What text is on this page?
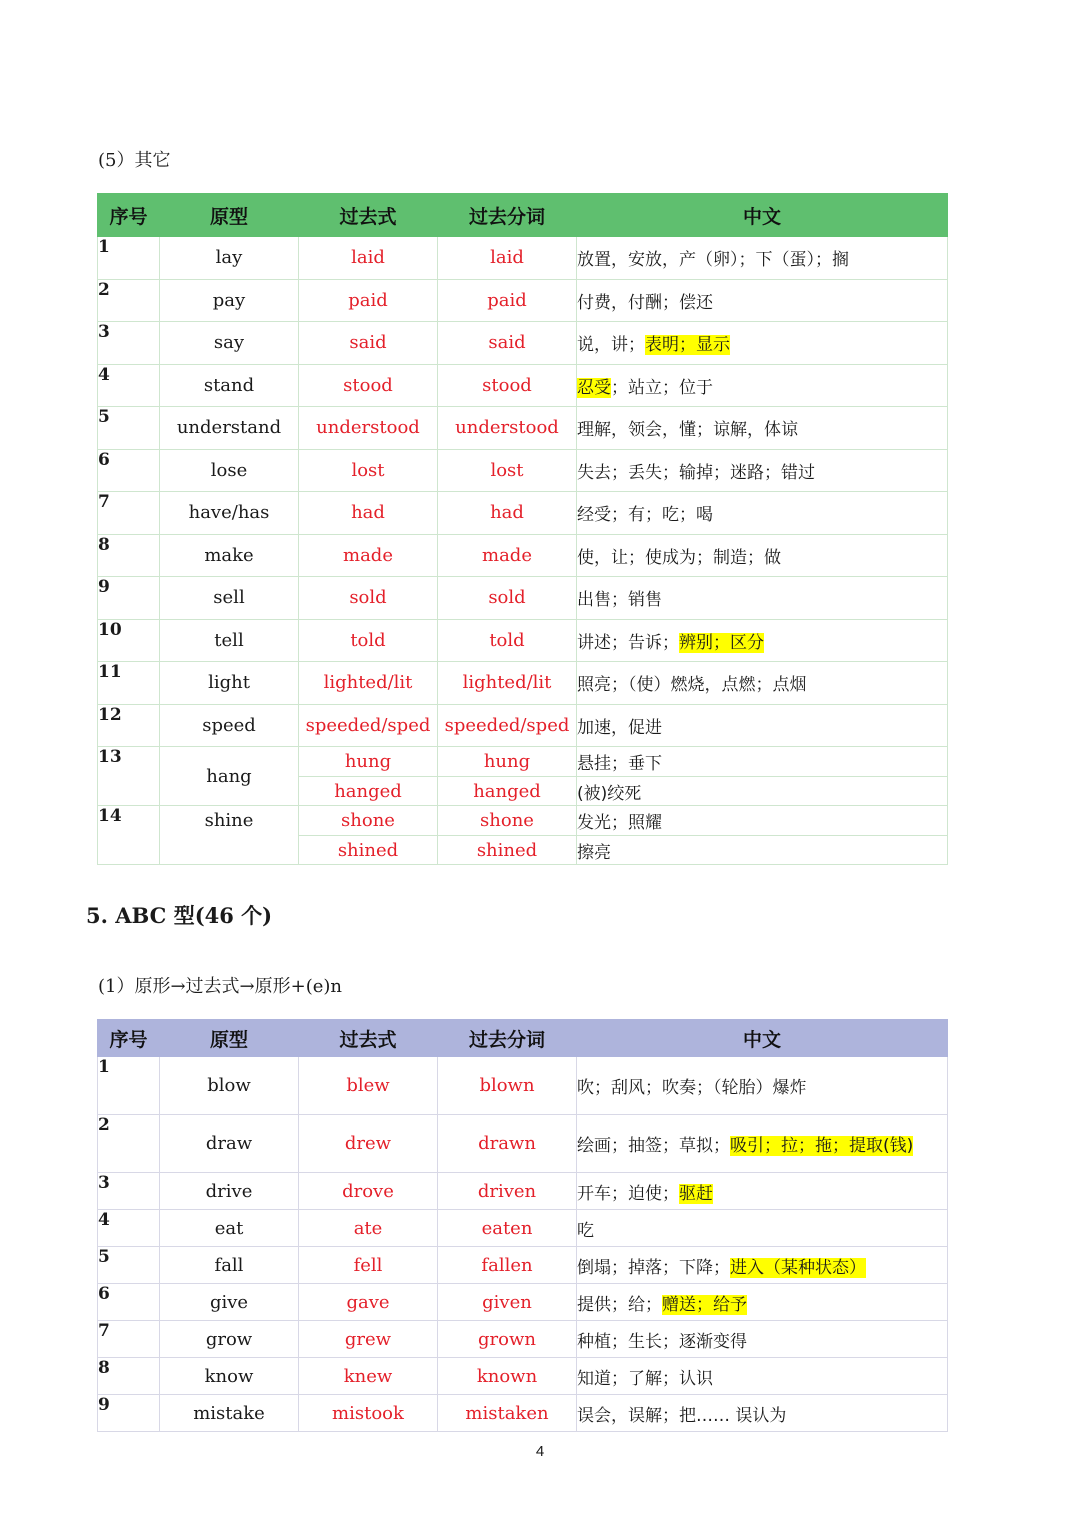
(5）其它
序号	原型	过去式	过去分词	中文
1	lay	laid	laid	放置，安放，产（卵）；下（蛋）；搁
2	pay	paid	paid	付费，付酬；偿还
3	say	said	said	说，讲；表明；显示
4	stand	stood	stood	忍受；站立；位于
5	understand	understood	understood	理解，领会，懂；谅解，体谅
6	lose	lost	lost	失去；丢失；输掉；迷路；错过
7	have/has	had	had	经受；有；吃；喝
8	make	made	made	使，让；使成为；制造；做
9	sell	sold	sold	出售；销售
10	tell	told	told	讲述；告诉；辨别；区分
11	light	lighted/lit	lighted/lit	照亮；（使）燃烧，点燃；点烟
12	speed	speeded/sped	speeded/sped	加速，促进
13	hang	hung	hung	悬挂；垂下
		hanged	hanged	(被)绞死
14	shine	shone	shone	发光；照耀
		shined	shined	擦亮
5. ABC 型(46 个)
(1）原形→过去式→原形+(e)n
序号	原型	过去式	过去分词	中文
1	blow	blew	blown	吹；刮风；吹奏；（轮胎）爆炸
2	draw	drew	drawn	绘画；抽签；草拟；吸引；拉；拖；提取(钱)
3	drive	drove	driven	开车；迫使；驱赶
4	eat	ate	eaten	吃
5	fall	fell	fallen	倒塌；掉落；下降；进入（某种状态）
6	give	gave	given	提供；给；赠送；给予
7	grow	grew	grown	种植；生长；逐渐变得
8	know	knew	known	知道；了解；认识
9	mistake	mistook	mistaken	误会，误解；把…… 误认为
4
